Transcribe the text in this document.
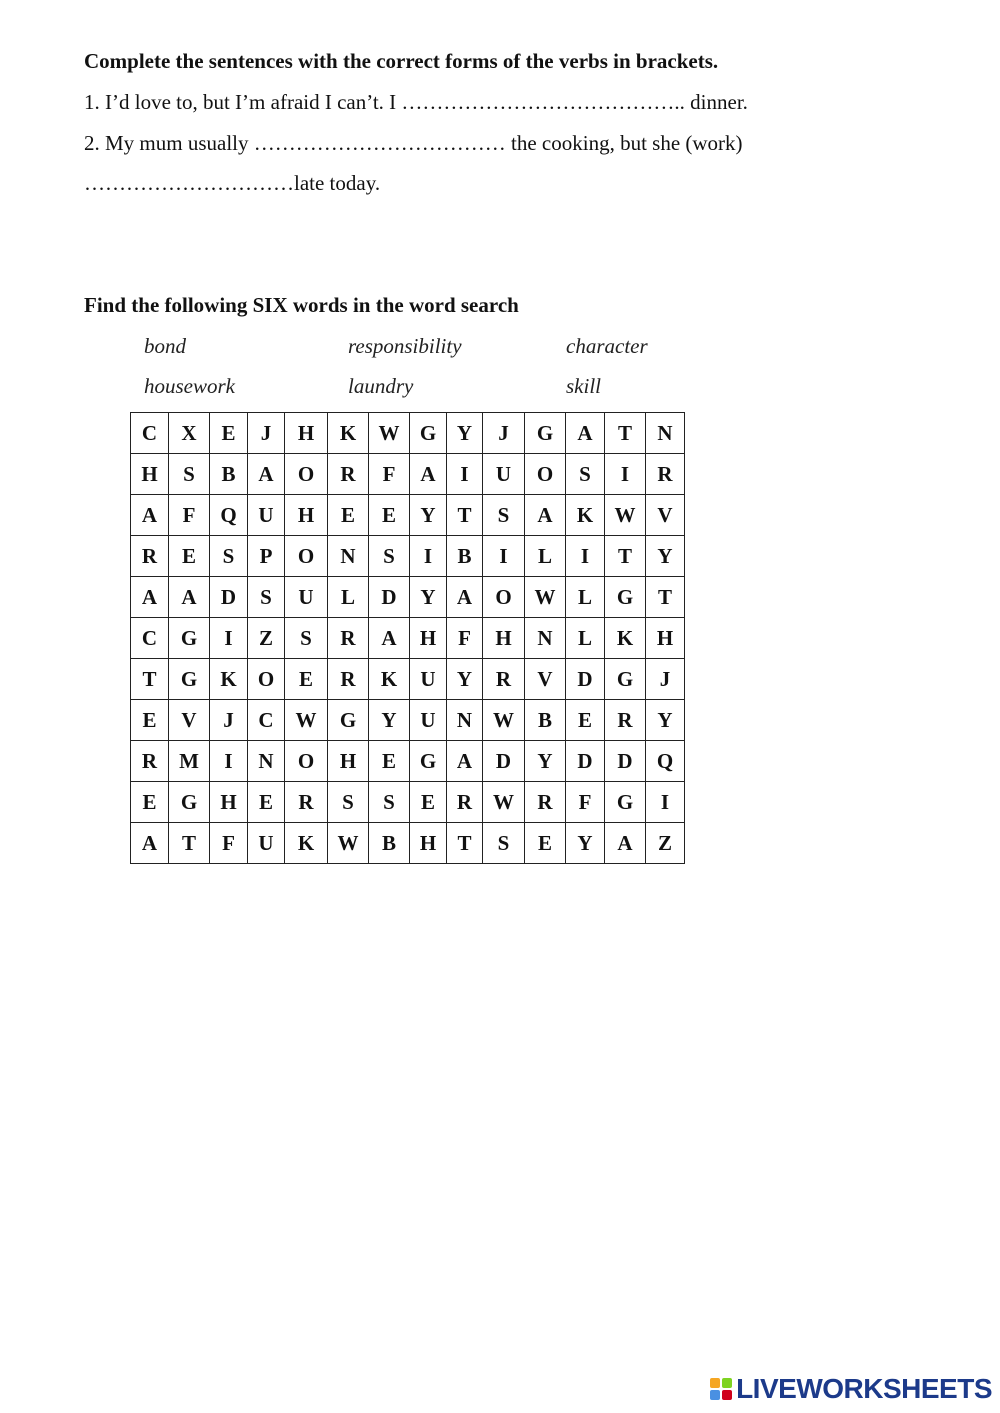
Complete the sentences with the correct forms of the verbs in brackets.
1. I’d love to, but I’m afraid I can’t. I ………………………………….. dinner.
2. My mum usually ……………………………… the cooking, but she (work)
…………………………late today.
Find the following SIX words in the word search
bond	responsibility	character
housework	laundry	skill
C	X	E	J	H	K	W	G	Y	J	G	A	T	N
H	S	B	A	O	R	F	A	I	U	O	S	I	R
A	F	Q	U	H	E	E	Y	T	S	A	K	W	V
R	E	S	P	O	N	S	I	B	I	L	I	T	Y
A	A	D	S	U	L	D	Y	A	O	W	L	G	T
C	G	I	Z	S	R	A	H	F	H	N	L	K	H
T	G	K	O	E	R	K	U	Y	R	V	D	G	J
E	V	J	C	W	G	Y	U	N	W	B	E	R	Y
R	M	I	N	O	H	E	G	A	D	Y	D	D	Q
E	G	H	E	R	S	S	E	R	W	R	F	G	I
A	T	F	U	K	W	B	H	T	S	E	Y	A	Z
LIVEWORKSHEETS
